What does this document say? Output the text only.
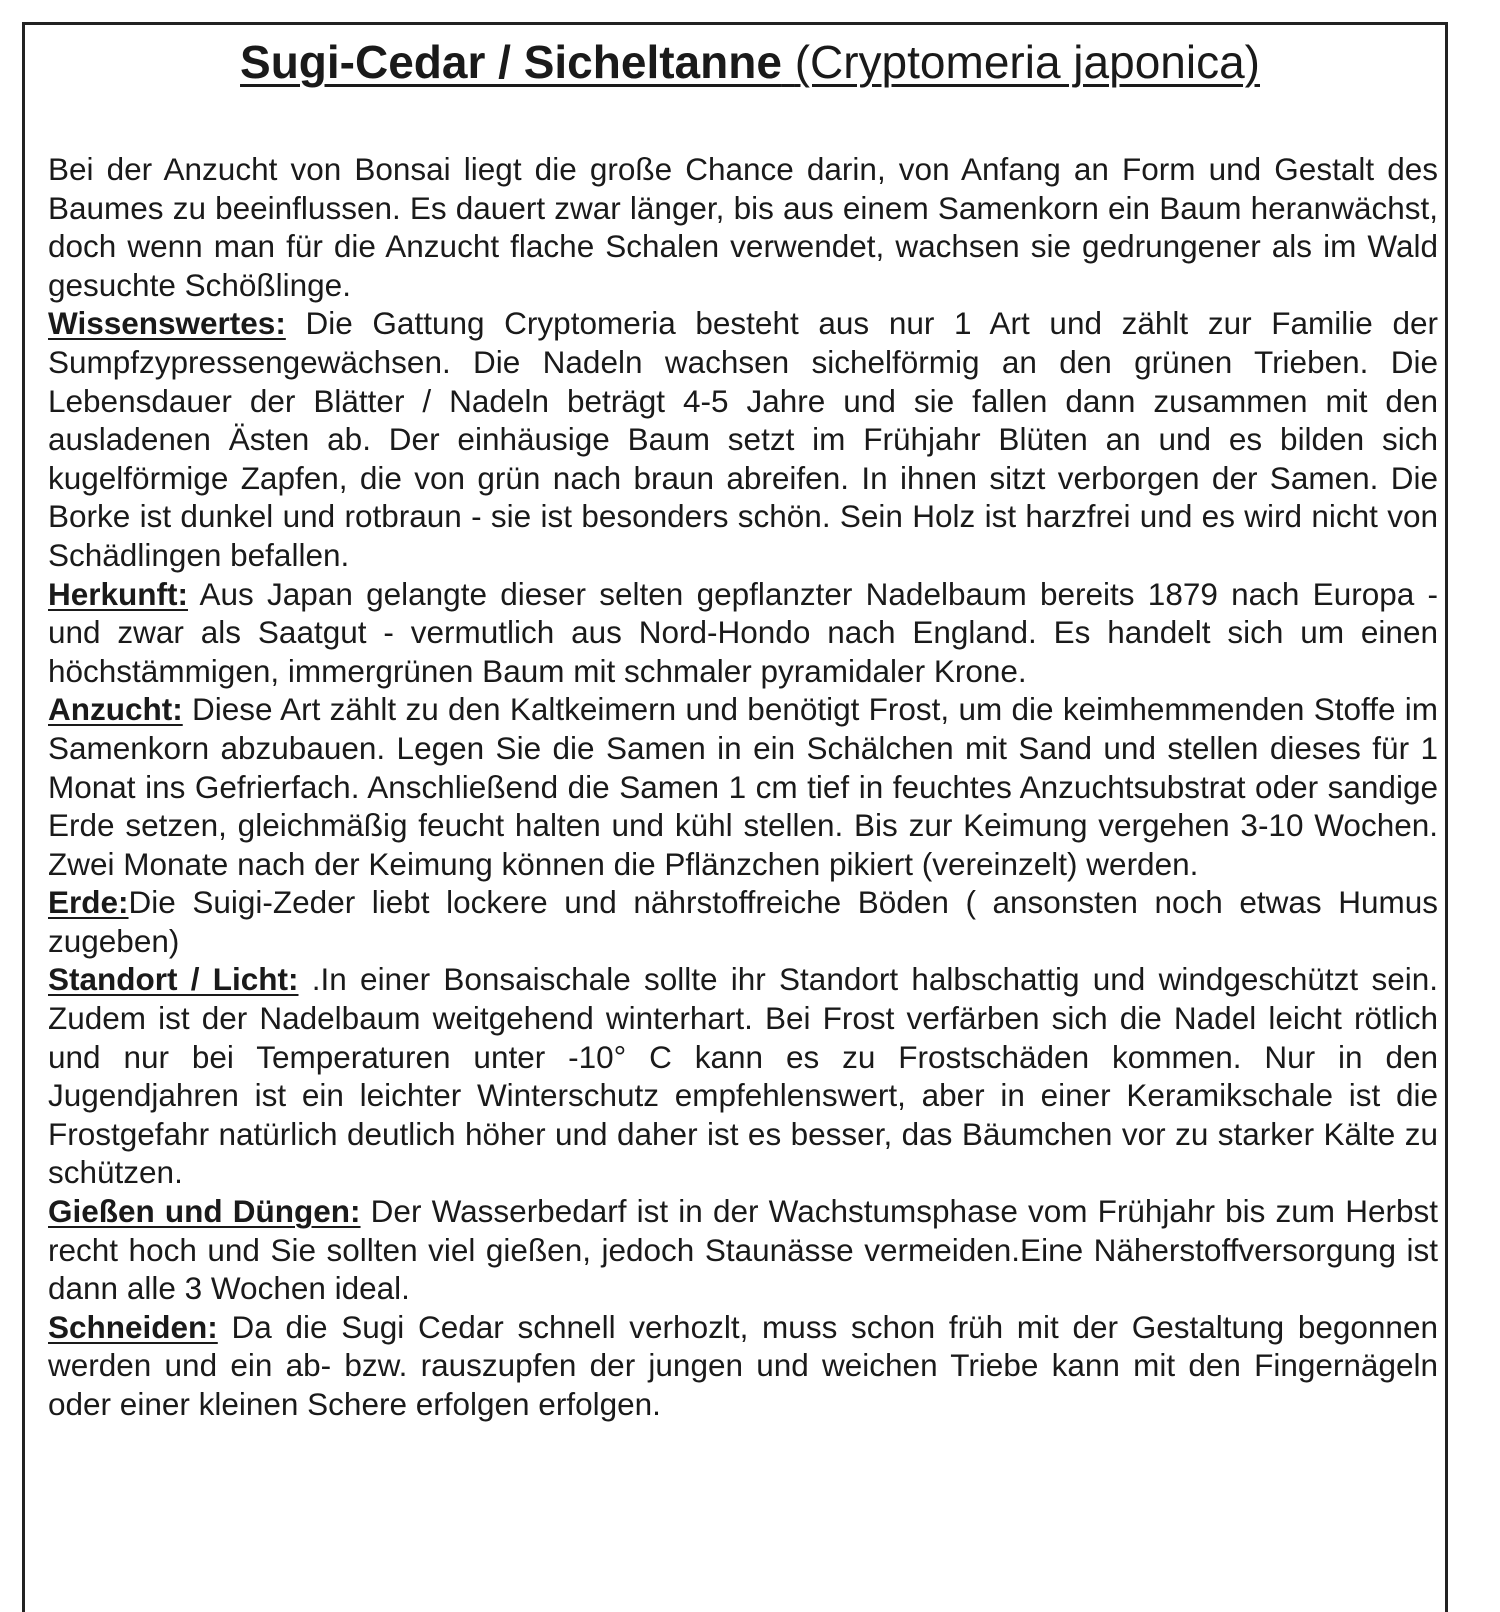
Sugi-Cedar / Sicheltanne (Cryptomeria japonica)

Bei der Anzucht von Bonsai liegt die große Chance darin, von Anfang an Form und Gestalt des Baumes zu beeinflussen. Es dauert zwar länger, bis aus einem Samenkorn ein Baum heranwächst, doch wenn man für die Anzucht flache Schalen verwendet, wachsen sie gedrungener als im Wald gesuchte Schößlinge.

Wissenswertes: Die Gattung Cryptomeria besteht aus nur 1 Art und zählt zur Familie der Sumpfzypressengewächsen. Die Nadeln wachsen sichelförmig an den grünen Trieben. Die Lebensdauer der Blätter / Nadeln beträgt 4-5 Jahre und sie fallen dann zusammen mit den ausladenen Ästen ab. Der einhäusige Baum setzt im Frühjahr Blüten an und es bilden sich kugelförmige Zapfen, die von grün nach braun abreifen. In ihnen sitzt verborgen der Samen. Die Borke ist dunkel und rotbraun - sie ist besonders schön. Sein Holz ist harzfrei und es wird nicht von Schädlingen befallen.

Herkunft: Aus Japan gelangte dieser selten gepflanzter Nadelbaum bereits 1879 nach Europa - und zwar als Saatgut - vermutlich aus Nord-Hondo nach England. Es handelt sich um einen höchstämmigen, immergrünen Baum mit schmaler pyramidaler Krone.

Anzucht: Diese Art zählt zu den Kaltkeimern und benötigt Frost, um die keimhemmenden Stoffe im Samenkorn abzubauen. Legen Sie die Samen in ein Schälchen mit Sand und stellen dieses für 1 Monat ins Gefrierfach. Anschließend die Samen 1 cm tief in feuchtes Anzuchtsubstrat oder sandige Erde setzen, gleichmäßig feucht halten und kühl stellen. Bis zur Keimung vergehen 3-10 Wochen. Zwei Monate nach der Keimung können die Pflänzchen pikiert (vereinzelt) werden.

Erde:Die Suigi-Zeder liebt lockere und nährstoffreiche Böden ( ansonsten noch etwas Humus zugeben)

Standort / Licht: .In einer Bonsaischale sollte ihr Standort halbschattig und windgeschützt sein. Zudem ist der Nadelbaum weitgehend winterhart. Bei Frost verfärben sich die Nadel leicht rötlich und nur bei Temperaturen unter -10° C kann es zu Frostschäden kommen. Nur in den Jugendjahren ist ein leichter Winterschutz empfehlenswert, aber in einer Keramikschale ist die Frostgefahr natürlich deutlich höher und daher ist es besser, das Bäumchen vor zu starker Kälte zu schützen.

Gießen und Düngen: Der Wasserbedarf ist in der Wachstumsphase vom Frühjahr bis zum Herbst recht hoch und Sie sollten viel gießen, jedoch Staunässe vermeiden.Eine Näherstoffversorgung ist dann alle 3 Wochen ideal.

Schneiden: Da die Sugi Cedar schnell verhozlt, muss schon früh mit der Gestaltung begonnen werden und ein ab- bzw. rauszupfen der jungen und weichen Triebe kann mit den Fingernägeln oder einer kleinen Schere erfolgen erfolgen.
